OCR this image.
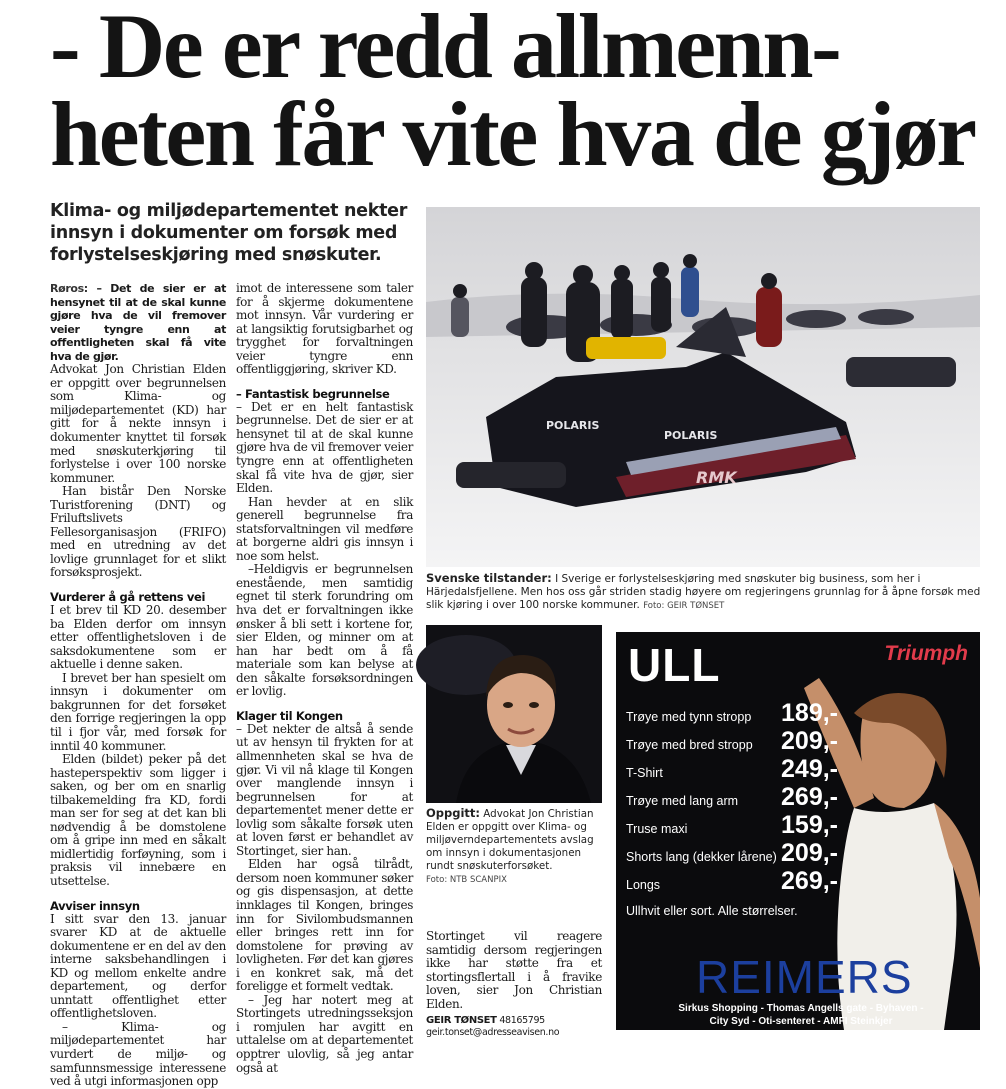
- De er redd allmenn-
heten får vite hva de gjør

Klima- og miljødepartementet nekter innsyn i dokumenter om forsøk med forlystelseskjøring med snøskuter.

Røros: – Det de sier er at hensynet til at de skal kunne gjøre hva de vil fremover veier tyngre enn at offentligheten skal få vite hva de gjør.

Advokat Jon Christian Elden er oppgitt over begrunnelsen som Klima- og miljødepartementet (KD) har gitt for å nekte innsyn i dokumenter knyttet til forsøk med snøskuterkjøring til forlystelse i over 100 norske kommuner.

Han bistår Den Norske Turistforening (DNT) og Friluftslivets Fellesorganisasjon (FRIFO) med en utredning av det lovlige grunnlaget for et slikt forsøksprosjekt.

Vurderer å gå rettens vei

I et brev til KD 20. desember ba Elden derfor om innsyn etter offentlighetsloven i de saksdokumentene som er aktuelle i denne saken.

I brevet ber han spesielt om innsyn i dokumenter om bakgrunnen for det forsøket den forrige regjeringen la opp til i fjor vår, med forsøk for inntil 40 kommuner.

Elden (bildet) peker på det hasteperspektiv som ligger i saken, og ber om en snarlig tilbakemelding fra KD, fordi man ser for seg at det kan bli nødvendig å be domstolene om å gripe inn med en såkalt midlertidig forføyning, som i praksis vil innebære en utsettelse.

Avviser innsyn

I sitt svar den 13. januar svarer KD at de aktuelle dokumentene er en del av den interne saksbehandlingen i KD og mellom enkelte andre departement, og derfor unntatt offentlighet etter offentlighetsloven.

– Klima- og miljødepartementet har vurdert de miljø- og samfunnsmessige interessene ved å utgi informasjonen opp

imot de interessene som taler for å skjerme dokumentene mot innsyn. Vår vurdering er at langsiktig forutsigbarhet og trygghet for forvaltningen veier tyngre enn offentliggjøring, skriver KD.

– Fantastisk begrunnelse

– Det er en helt fantastisk begrunnelse. Det de sier er at hensynet til at de skal kunne gjøre hva de vil fremover veier tyngre enn at offentligheten skal få vite hva de gjør, sier Elden.

Han hevder at en slik generell begrunnelse fra statsforvaltningen vil medføre at borgerne aldri gis innsyn i noe som helst.

–Heldigvis er begrunnelsen enestående, men samtidig egnet til sterk forundring om hva det er forvaltningen ikke ønsker å bli sett i kortene for, sier Elden, og minner om at han har bedt om å få materiale som kan belyse at den såkalte forsøksordningen er lovlig.

Klager til Kongen

– Det nekter de altså å sende ut av hensyn til frykten for at allmennheten skal se hva de gjør. Vi vil nå klage til Kongen over manglende innsyn i begrunnelsen for at departementet mener dette er lovlig som såkalte forsøk uten at loven først er behandlet av Stortinget, sier han.

Elden har også tilrådt, dersom noen kommuner søker og gis dispensasjon, at dette innklages til Kongen, bringes inn for Sivilombudsmannen eller bringes rett inn for domstolene for prøving av lovligheten. Før det kan gjøres i en konkret sak, må det foreligge et formelt vedtak.

– Jeg har notert meg at Stortingets utredningsseksjon i romjulen har avgitt en uttalelse om at departementet opptrer ulovlig, så jeg antar også at

Stortinget vil reagere samtidig dersom regjeringen ikke har støtte fra et stortingsflertall i å fravike loven, sier Jon Christian Elden.

GEIR TØNSET 48165795
geir.tonset@adresseavisen.no
POLARIS
POLARIS
RMK
Svenske tilstander: I Sverige er forlystelseskjøring med snøskuter big business, som her i Härjedalsfjellene. Men hos oss går striden stadig høyere om regjeringens grunnlag for å åpne forsøk med slik kjøring i over 100 norske kommuner. Foto: GEIR TØNSET
Oppgitt: Advokat Jon Christian Elden er oppgitt over Klima- og miljøverndepartementets avslag om innsyn i dokumentasjonen rundt snøskuterforsøket.
Foto: NTB SCANPIX
ULL	Triumph
Trøye med tynn stropp 189,-
Trøye med bred stropp 209,-
T-Shirt	249,-
Trøye med lang arm 269,-
Truse maxi	159,-
Shorts lang (dekker lårene) 209,-
Longs	269,-
Ullhvit eller sort. Alle størrelser.
REIMERS
Sirkus Shopping - Thomas Angells gate - Byhaven -
City Syd - Oti-senteret - AMFI Steinkjer
